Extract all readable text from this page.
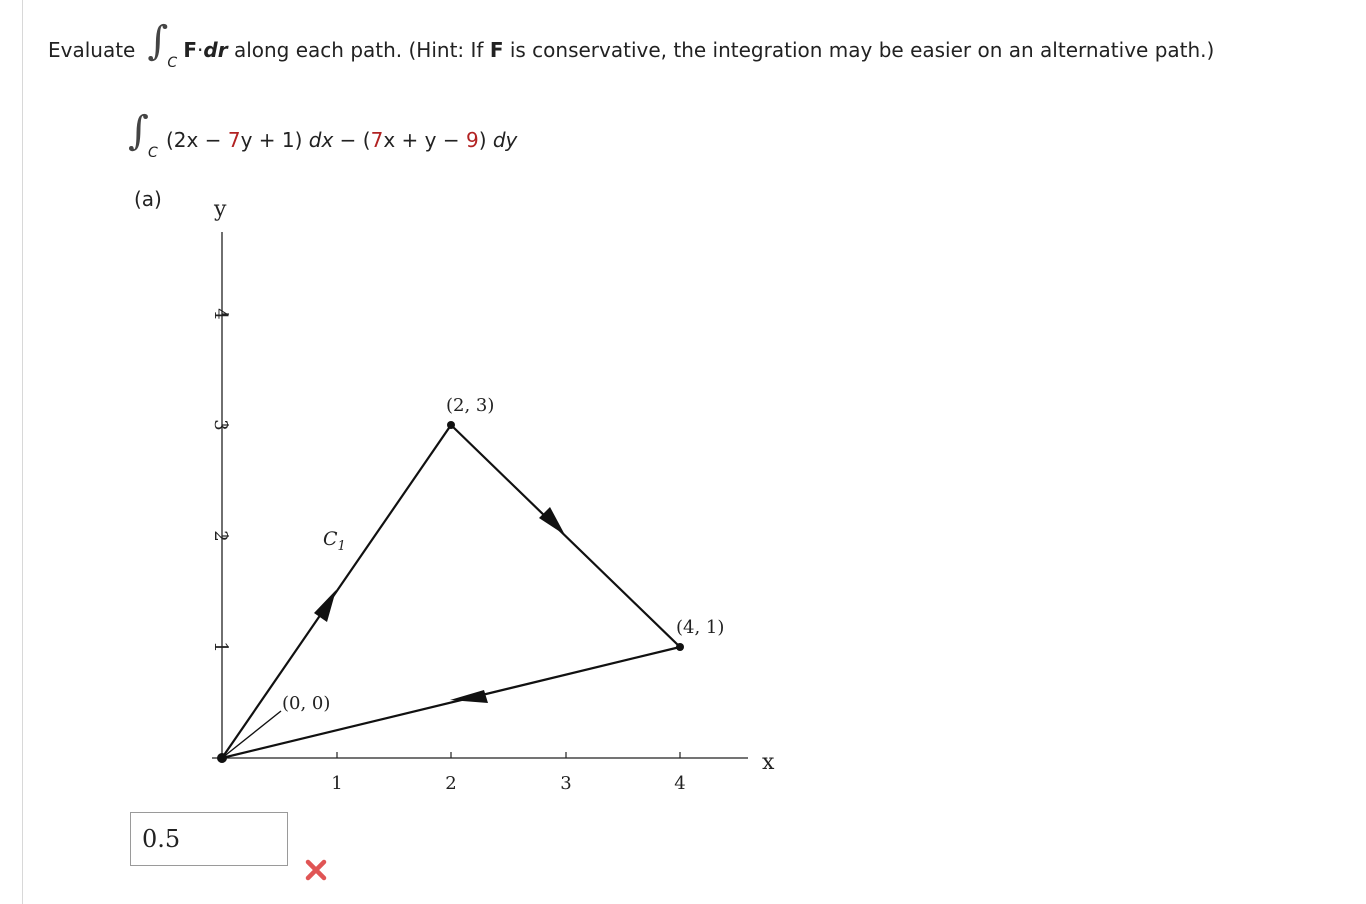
Evaluate ∫ C
F · dr along each path. (Hint: If F is conservative, the integration may be easier on an alternative path.)
∫ C
(2x − 7 y + 1) dx − ( 7 x + y − 9 ) dy
(a) y
x
4
3
2
1
1	2	3	4
(0, 0)
(2, 3)
(4, 1)
$C_1$
0.5
